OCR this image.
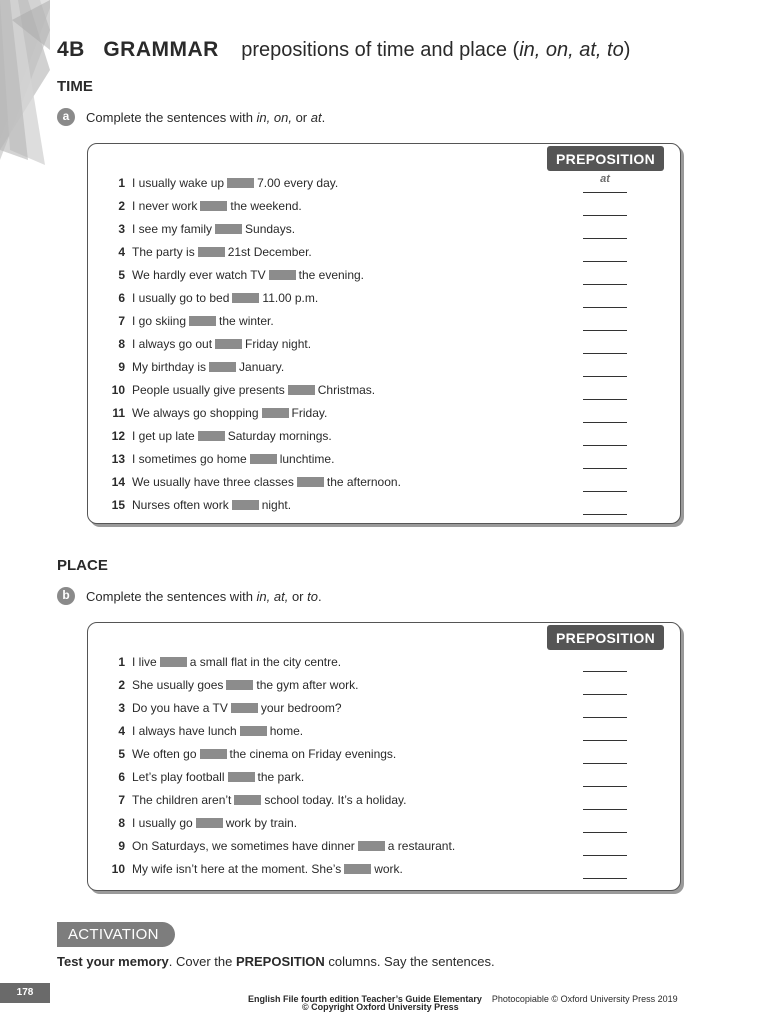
4B GRAMMAR prepositions of time and place (in, on, at, to)
TIME
a	Complete the sentences with in, on, or at.
PREPOSITION
1 I usually wake up	7.00 every day.	at
2 I never work	the weekend.
3 I see my family	Sundays.
4 The party is	21st December.
5 We hardly ever watch TV	the evening.
6 I usually go to bed	11.00 p.m.
7 I go skiing	the winter.
8 I always go out	Friday night.
9 My birthday is	January.
10 People usually give presents	Christmas.
11 We always go shopping	Friday.
12 I get up late	Saturday mornings.
13 I sometimes go home	lunchtime.
14 We usually have three classes	the afternoon.
15 Nurses often work	night.
PLACE
b	Complete the sentences with in, at, or to.
PREPOSITION
1 I live	a small flat in the city centre.
2 She usually goes	the gym after work.
3 Do you have a TV	your bedroom?
4 I always have lunch	home.
5 We often go	the cinema on Friday evenings.
6 Let’s play football	the park.
7 The children aren’t	school today. It’s a holiday.
8 I usually go	work by train.
9 On Saturdays, we sometimes have dinner	a restaurant.
10 My wife isn’t here at the moment. She’s	work.
ACTIVATION
Test your memory. Cover the PREPOSITION columns. Say the sentences.
178
English File fourth edition Teacher’s Guide Elementary Photocopiable © Oxford University Press 2019
© Copyright Oxford University Press
